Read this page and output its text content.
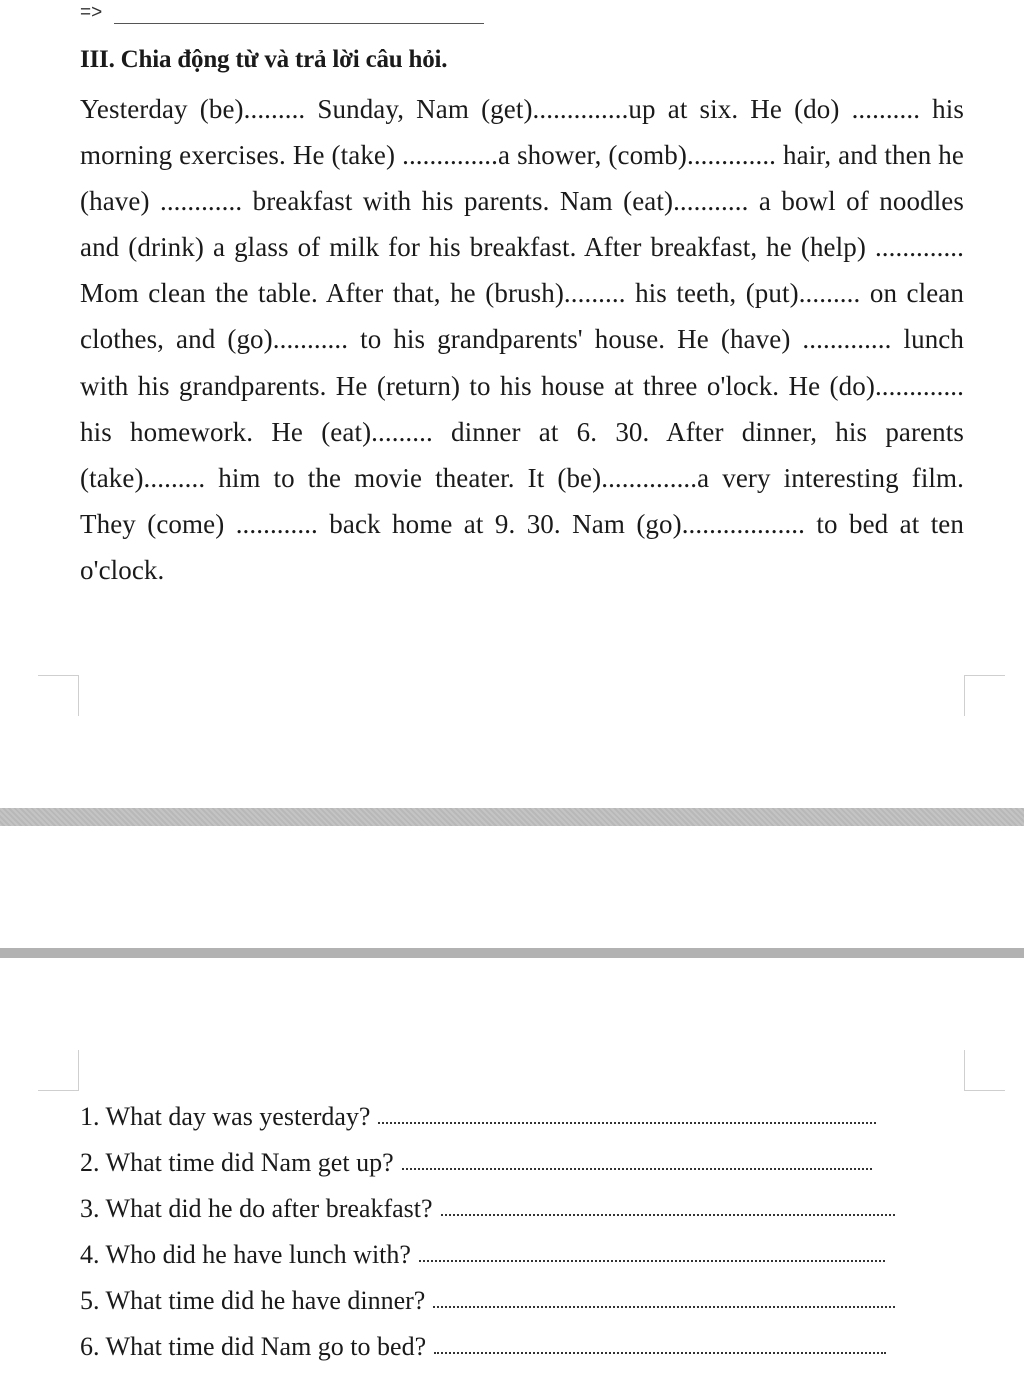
=>
III. Chia động từ và trả lời câu hỏi.
Yesterday (be)......... Sunday, Nam (get)..............up at six. He (do) .......... his morning exercises. He (take) ..............a shower, (comb)............. hair, and then he (have) ............ breakfast with his parents. Nam (eat)........... a bowl of noodles and (drink) a glass of milk for his breakfast. After breakfast, he (help) ............. Mom clean the table. After that, he (brush)......... his teeth, (put)......... on clean clothes, and (go)........... to his grandparents' house. He (have) ............. lunch with his grandparents. He (return) to his house at three o'lock. He (do)............. his homework. He (eat)......... dinner at 6. 30. After dinner, his parents (take)......... him to the movie theater. It (be)..............a very interesting film. They (come) ............ back home at 9. 30. Nam (go).................. to bed at ten o'clock.
1. What day was yesterday?
2. What time did Nam get up?
3. What did he do after breakfast?
4. Who did he have lunch with?
5. What time did he have dinner?
6. What time did Nam go to bed?
